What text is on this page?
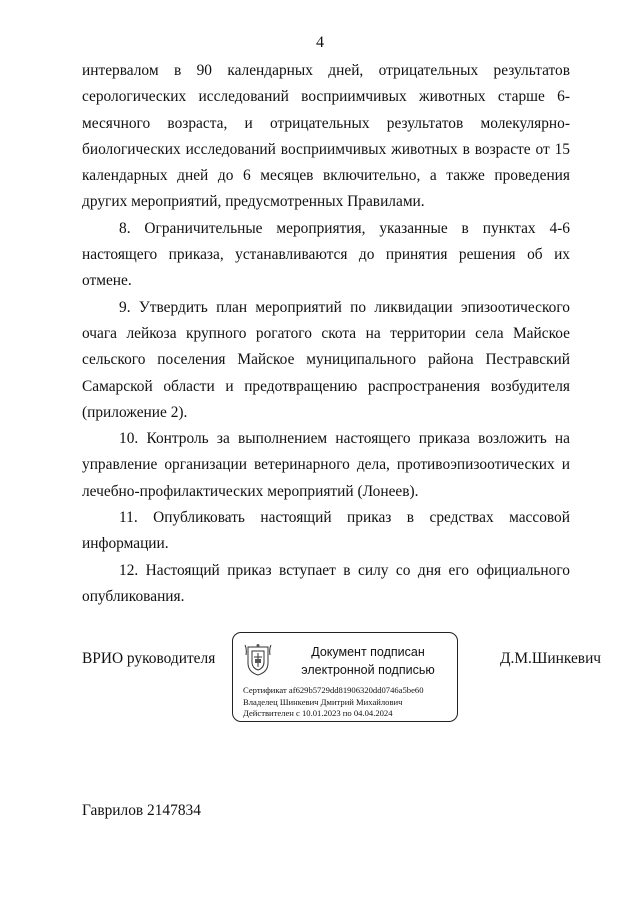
4

интервалом в 90 календарных дней, отрицательных результатов серологических исследований восприимчивых животных старше 6-месячного возраста, и отрицательных результатов молекулярно-биологических исследований восприимчивых животных в возрасте от 15 календарных дней до 6 месяцев включительно, а также проведения других мероприятий, предусмотренных Правилами.

8. Ограничительные мероприятия, указанные в пунктах 4-6 настоящего приказа, устанавливаются до принятия решения об их отмене.

9. Утвердить план мероприятий по ликвидации эпизоотического очага лейкоза крупного рогатого скота на территории села Майское сельского поселения Майское муниципального района Пестравский Самарской области и предотвращению распространения возбудителя (приложение 2).

10. Контроль за выполнением настоящего приказа возложить на управление организации ветеринарного дела, противоэпизоотических и лечебно-профилактических мероприятий (Лонеев).

11. Опубликовать настоящий приказ в средствах массовой информации.

12. Настоящий приказ вступает в силу со дня его официального опубликования.

ВРИО руководителя	Документ подписан
электронной подписью
Сертификат af629b5729dd81906320dd0746a5be60
Владелец Шинкевич Дмитрий Михайлович
Действителен с 10.01.2023 по 04.04.2024
Д.М.Шинкевич
Гаврилов 2147834
